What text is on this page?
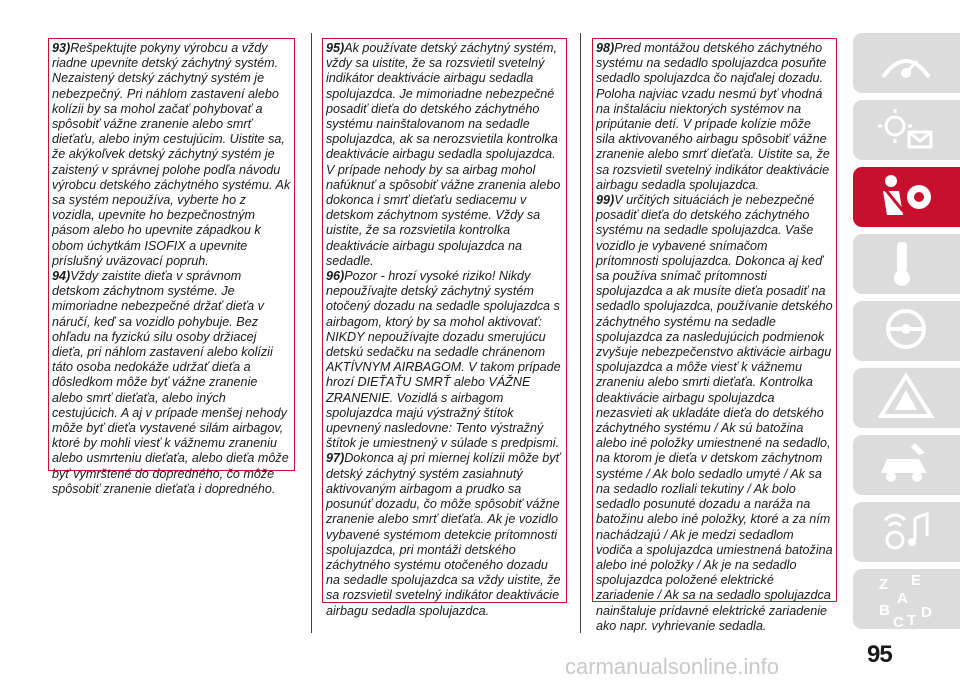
93)Rešpektujte pokyny výrobcu a vždy riadne upevnite detský záchytný systém. Nezaistený detský záchytný systém je nebezpečný. Pri náhlom zastavení alebo kolízii by sa mohol začať pohybovať a spôsobiť vážne zranenie alebo smrť dieťaťu, alebo iným cestujúcim. Uistite sa, že akýkoľvek detský záchytný systém je zaistený v správnej polohe podľa návodu výrobcu detského záchytného systému. Ak sa systém nepoužíva, vyberte ho z vozidla, upevnite ho bezpečnostným pásom alebo ho upevnite západkou k obom úchytkám ISOFIX a upevnite príslušný uväzovací popruh.

94)Vždy zaistite dieťa v správnom detskom záchytnom systéme. Je mimoriadne nebezpečné držať dieťa v náručí, keď sa vozidlo pohybuje. Bez ohľadu na fyzickú silu osoby držiacej dieťa, pri náhlom zastavení alebo kolízii táto osoba nedokáže udržať dieťa a dôsledkom môže byť vážne zranenie alebo smrť dieťaťa, alebo iných cestujúcich. A aj v prípade menšej nehody môže byť dieťa vystavené silám airbagov, ktoré by mohli viesť k vážnemu zraneniu alebo usmrteniu dieťaťa, alebo dieťa môže byť vymrštené do dopredného, čo môže spôsobiť zranenie dieťaťa i dopredného.

95)Ak používate detský záchytný systém, vždy sa uistite, že sa rozsvietil svetelný indikátor deaktivácie airbagu sedadla spolujazdca. Je mimoriadne nebezpečné posadiť dieťa do detského záchytného systému nainštalovanom na sedadle spolujazdca, ak sa nerozsvietila kontrolka deaktivácie airbagu sedadla spolujazdca. V prípade nehody by sa airbag mohol nafúknuť a spôsobiť vážne zranenia alebo dokonca i smrť dieťaťu sediacemu v detskom záchytnom systéme. Vždy sa uistite, že sa rozsvietila kontrolka deaktivácie airbagu spolujazdca na sedadle.

96)Pozor - hrozí vysoké riziko! Nikdy nepoužívajte detský záchytný systém otočený dozadu na sedadle spolujazdca s airbagom, ktorý by sa mohol aktivovať: NIKDY nepoužívajte dozadu smerujúcu detskú sedačku na sedadle chránenom AKTÍVNYM AIRBAGOM. V takom prípade hrozí DIEŤAŤU SMRŤ alebo VÁŽNE ZRANENIE. Vozidlá s airbagom spolujazdca majú výstražný štítok upevnený nasledovne: Tento výstražný štítok je umiestnený v súlade s predpismi.

97)Dokonca aj pri miernej kolízii môže byť detský záchytný systém zasiahnutý aktivovaným airbagom a prudko sa posunúť dozadu, čo môže spôsobiť vážne zranenie alebo smrť dieťaťa. Ak je vozidlo vybavené systémom detekcie prítomnosti spolujazdca, pri montáži detského záchytného systému otočeného dozadu na sedadle spolujazdca sa vždy uistite, že sa rozsvietil svetelný indikátor deaktivácie airbagu sedadla spolujazdca.

98)Pred montážou detského záchytného systému na sedadlo spolujazdca posuňte sedadlo spolujazdca čo najďalej dozadu. Poloha najviac vzadu nesmú byť vhodná na inštaláciu niektorých systémov na pripútanie detí. V prípade kolízie môže sila aktivovaného airbagu spôsobiť vážne zranenie alebo smrť dieťaťa. Uistite sa, že sa rozsvietil svetelný indikátor deaktivácie airbagu sedadla spolujazdca.

99)V určitých situáciách je nebezpečné posadiť dieťa do detského záchytného systému na sedadle spolujazdca. Vaše vozidlo je vybavené snímačom prítomnosti spolujazdca. Dokonca aj keď sa používa snímač prítomnosti spolujazdca a ak musíte dieťa posadiť na sedadlo spolujazdca, používanie detského záchytného systému na sedadle spolujazdca za nasledujúcich podmienok zvyšuje nebezpečenstvo aktivácie airbagu spolujazdca a môže viesť k vážnemu zraneniu alebo smrti dieťaťa. Kontrolka deaktivácie airbagu spolujazdca nezasvieti ak ukladáte dieťa do detského záchytného systému / Ak sú batožina alebo iné položky umiestnené na sedadlo, na ktorom je dieťa v detskom záchytnom systéme / Ak bolo sedadlo umyté / Ak sa na sedadlo rozliali tekutiny / Ak bolo sedadlo posunuté dozadu a naráža na batožinu alebo iné položky, ktoré a za ním nachádzajú / Ak je medzi sedadlom vodiča a spolujazdca umiestnená batožina alebo iné položky / Ak je na sedadlo spolujazdca položené elektrické zariadenie / Ak sa na sedadlo spolujazdca nainštaluje prídavné elektrické zariadenie ako napr. vyhrievanie sedadla.

Z E
A
B
C T D
95
carmanualsonline.info
